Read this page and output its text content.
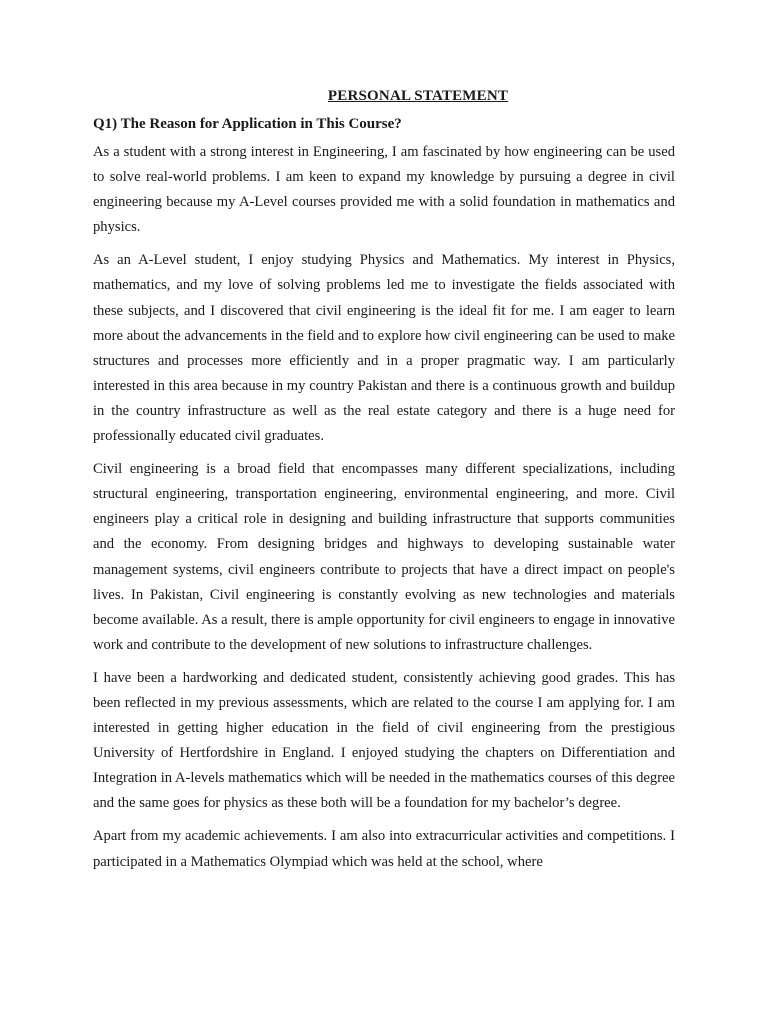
PERSONAL STATEMENT
Q1) The Reason for Application in This Course?

As a student with a strong interest in Engineering, I am fascinated by how engineering can be used to solve real-world problems. I am keen to expand my knowledge by pursuing a degree in civil engineering because my A-Level courses provided me with a solid foundation in mathematics and physics.

As an A-Level student, I enjoy studying Physics and Mathematics. My interest in Physics, mathematics, and my love of solving problems led me to investigate the fields associated with these subjects, and I discovered that civil engineering is the ideal fit for me. I am eager to learn more about the advancements in the field and to explore how civil engineering can be used to make structures and processes more efficiently and in a proper pragmatic way. I am particularly interested in this area because in my country Pakistan and there is a continuous growth and buildup in the country infrastructure as well as the real estate category and there is a huge need for professionally educated civil graduates.

Civil engineering is a broad field that encompasses many different specializations, including structural engineering, transportation engineering, environmental engineering, and more. Civil engineers play a critical role in designing and building infrastructure that supports communities and the economy. From designing bridges and highways to developing sustainable water management systems, civil engineers contribute to projects that have a direct impact on people's lives. In Pakistan, Civil engineering is constantly evolving as new technologies and materials become available. As a result, there is ample opportunity for civil engineers to engage in innovative work and contribute to the development of new solutions to infrastructure challenges.

I have been a hardworking and dedicated student, consistently achieving good grades. This has been reflected in my previous assessments, which are related to the course I am applying for. I am interested in getting higher education in the field of civil engineering from the prestigious University of Hertfordshire in England. I enjoyed studying the chapters on Differentiation and Integration in A-levels mathematics which will be needed in the mathematics courses of this degree and the same goes for physics as these both will be a foundation for my bachelor’s degree.

Apart from my academic achievements. I am also into extracurricular activities and competitions. I participated in a Mathematics Olympiad which was held at the school, where
